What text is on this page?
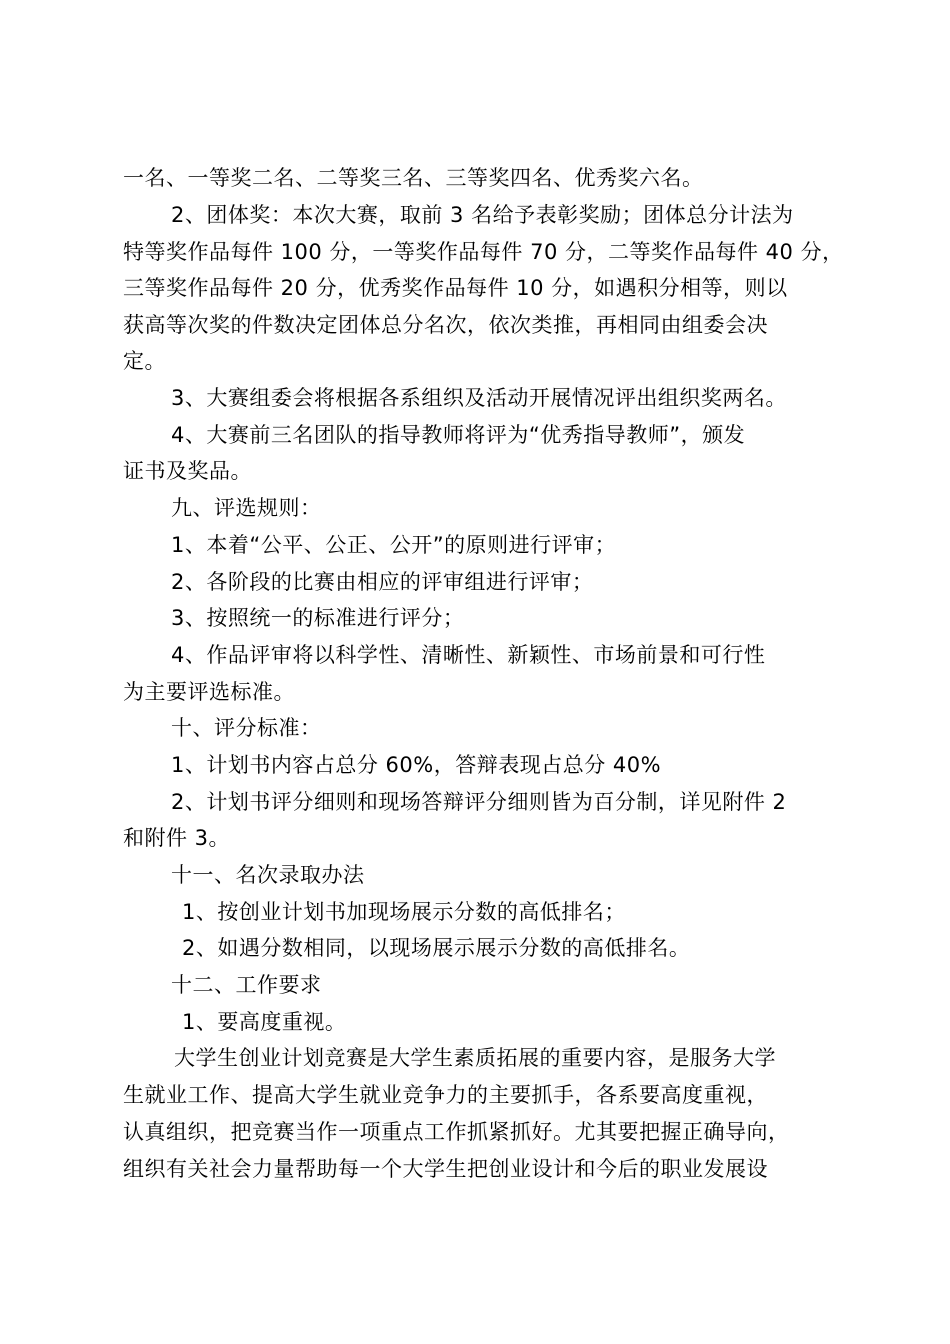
一名、一等奖二名、二等奖三名、三等奖四名、优秀奖六名。
2、团体奖：本次大赛，取前 3 名给予表彰奖励；团体总分计法为
特等奖作品每件 100 分，一等奖作品每件 70 分，二等奖作品每件 40 分，
三等奖作品每件 20 分，优秀奖作品每件 10 分，如遇积分相等，则以
获高等次奖的件数决定团体总分名次，依次类推，再相同由组委会决
定。
3、大赛组委会将根据各系组织及活动开展情况评出组织奖两名。
4、大赛前三名团队的指导教师将评为“优秀指导教师”，颁发
证书及奖品。
九、评选规则：
1、本着“公平、公正、公开”的原则进行评审；
2、各阶段的比赛由相应的评审组进行评审；
3、按照统一的标准进行评分；
4、作品评审将以科学性、清晰性、新颖性、市场前景和可行性
为主要评选标准。
十、评分标准：
1、计划书内容占总分 60%，答辩表现占总分 40%
2、计划书评分细则和现场答辩评分细则皆为百分制，详见附件 2
和附件 3。
十一、名次录取办法
1、按创业计划书加现场展示分数的高低排名；
2、如遇分数相同，以现场展示展示分数的高低排名。
十二、工作要求
1、要高度重视。
大学生创业计划竞赛是大学生素质拓展的重要内容，是服务大学
生就业工作、提高大学生就业竞争力的主要抓手，各系要高度重视，
认真组织，把竞赛当作一项重点工作抓紧抓好。尤其要把握正确导向，
组织有关社会力量帮助每一个大学生把创业设计和今后的职业发展设
